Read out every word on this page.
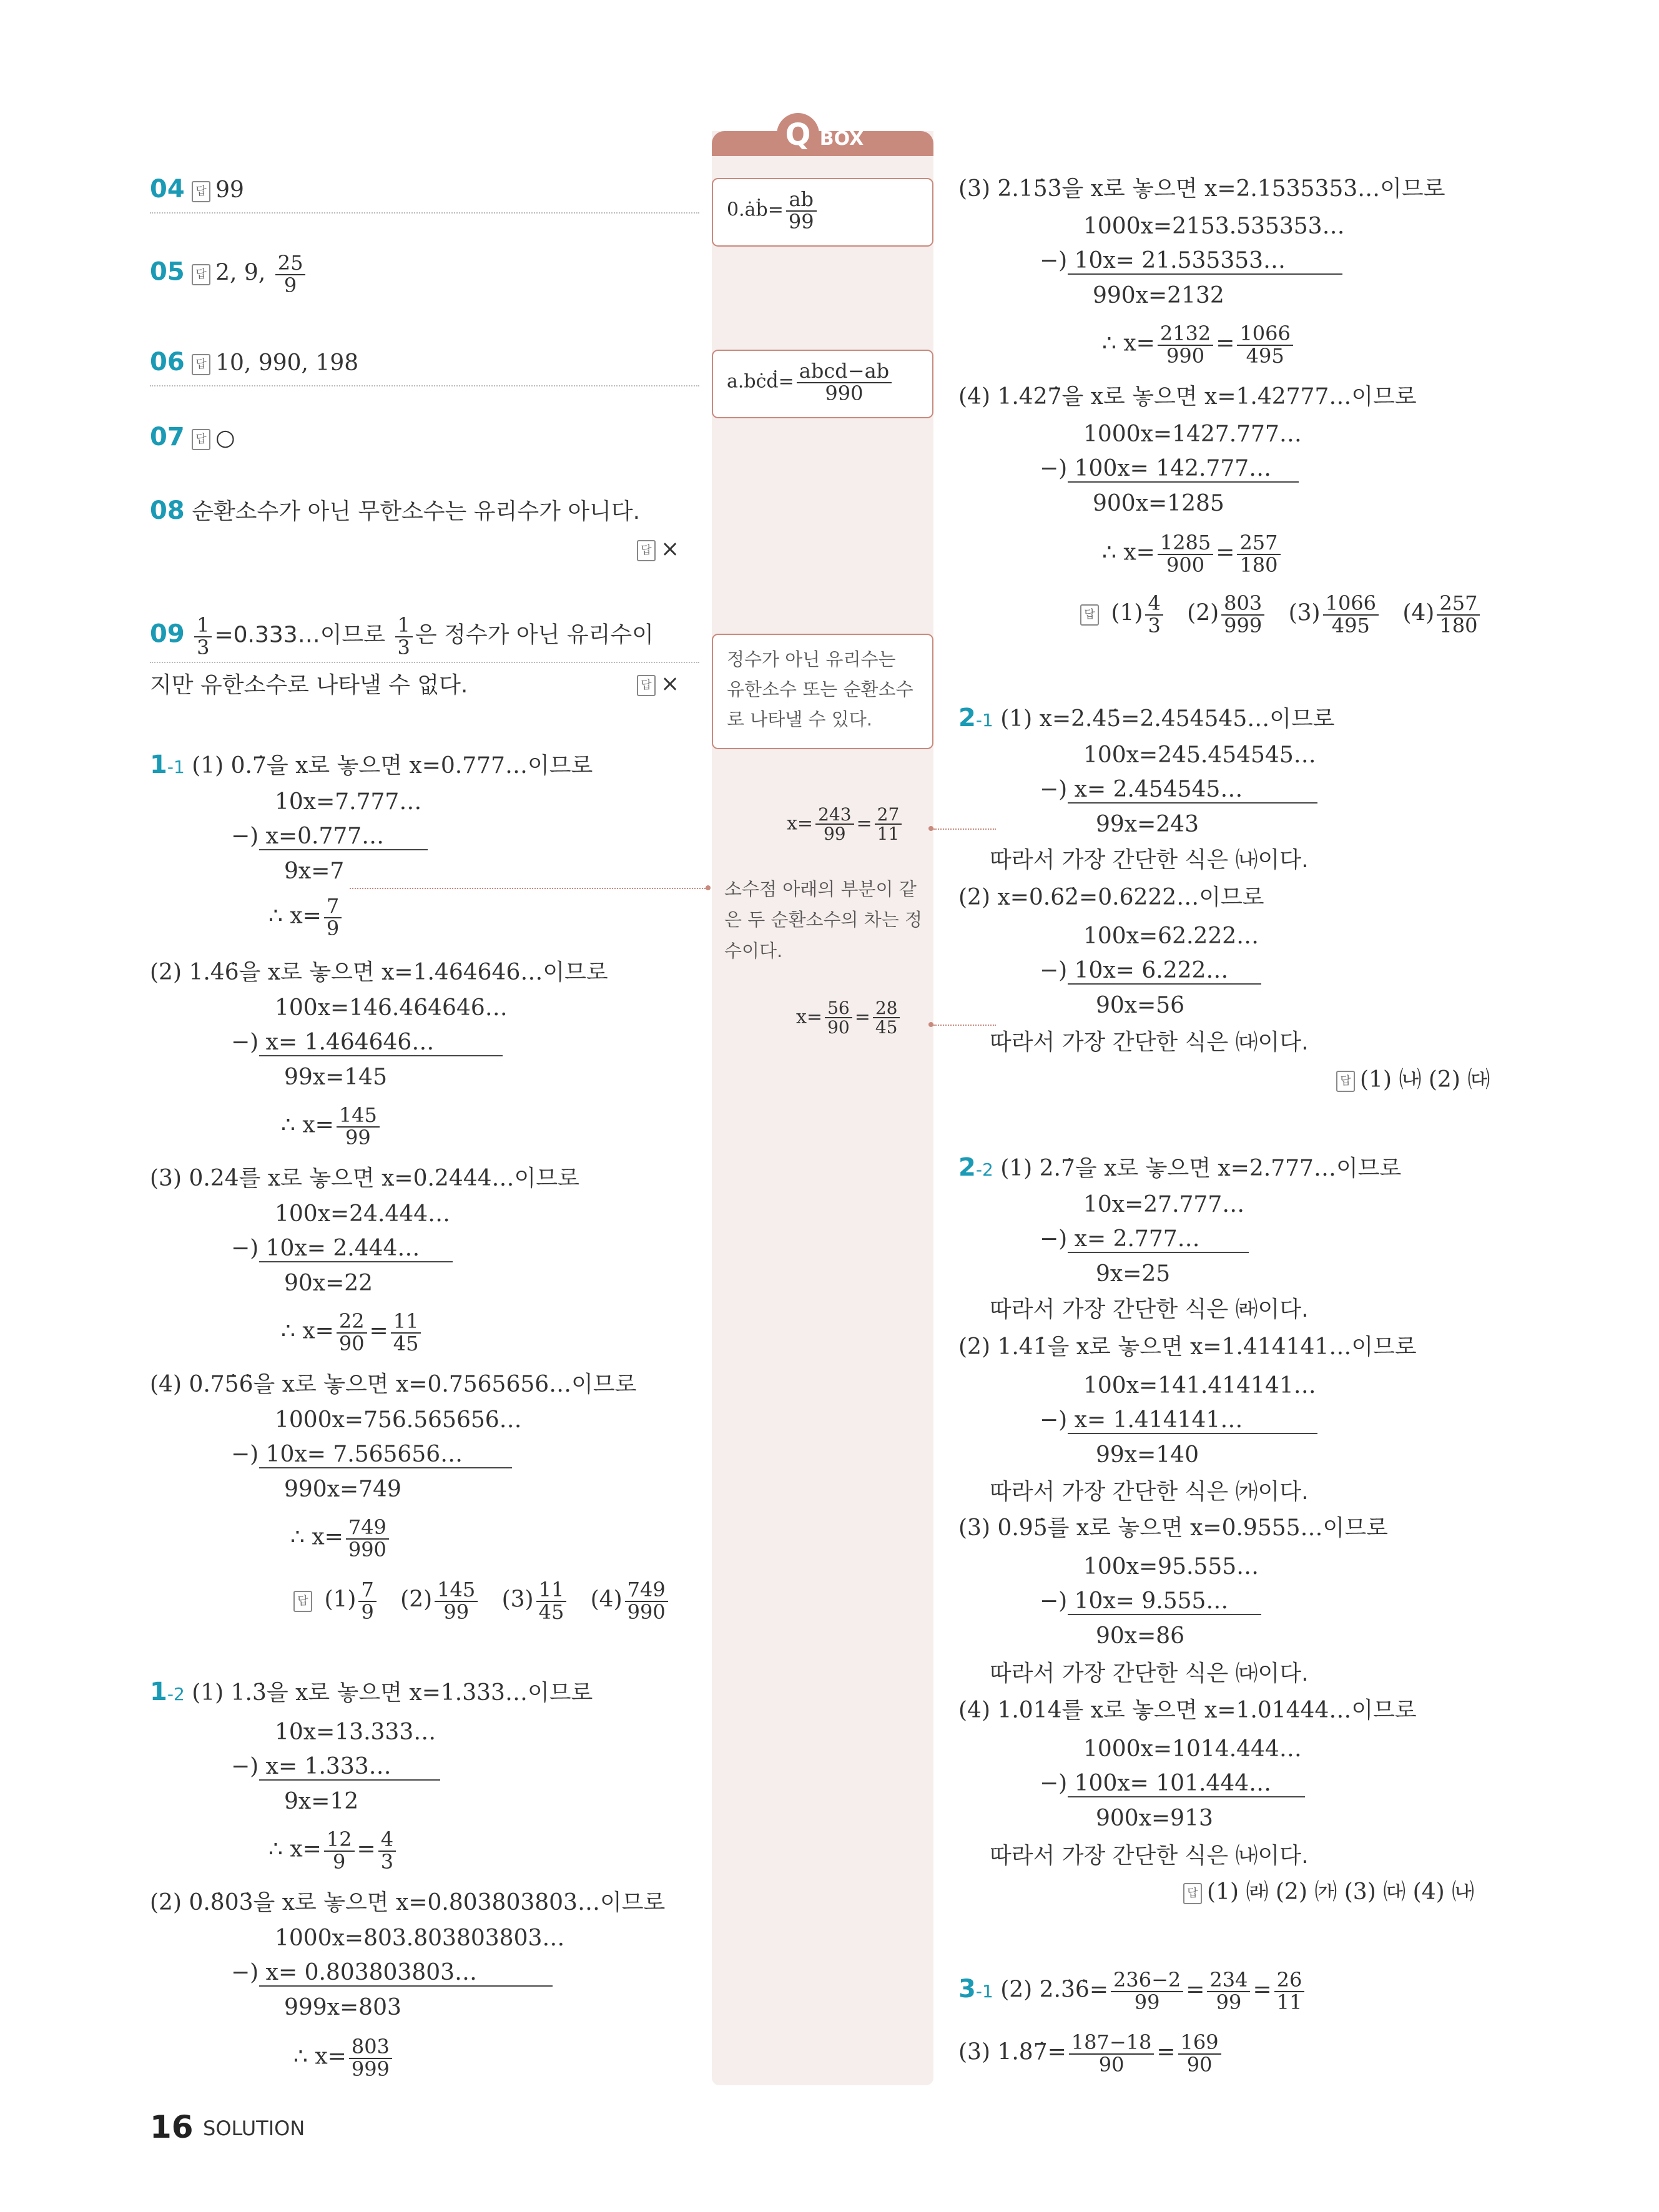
Q BOX
0.ȧḃ= $\frac{ab}{99}$
a.bċḋ= $\frac{\text{abcd−ab}}{990}$
정수가 아닌 유리수는 유한소수 또는 순환소수로 나타낼 수 있다.
$x= \frac{243}{99} = \frac{27}{11}$
소수점 아래의 부분이 같은 두 순환소수의 차는 정수이다.
$x= \frac{56}{90} = \frac{28}{45}$
04 답 99
05 답 2, 9, $\frac{25}{9}$
06 답 10, 990, 198
07 답 ○
08 순환소수가 아닌 무한소수는 유리수가 아니다.
답 ×
$09 \frac{1}{3}$ =0.333…이므로 $\frac{1}{3}$ 은 정수가 아닌 유리수이
지만 유한소수로 나타낼 수 없다.	답 ×
1-1 (1) 0.7̇을 x로 놓으면 x=0.777…이므로
10x=7.777…
−) x=0.777…
9x=7
∴ $x= \frac{7}{9}$
(2) 1.4̇6̇을 x로 놓으면 x=1.464646…이므로
100x=146.464646…
−) x= 1.464646…
99x=145
∴ $x= \frac{145}{99}$
(3) 0.24̇를 x로 놓으면 x=0.2444…이므로
100x=24.444…
−) 10x= 2.444…
90x=22
∴ $x= \frac{22}{90} = \frac{11}{45}$
(4) 0.75̇6̇을 x로 놓으면 x=0.7565656…이므로
1000x=756.565656…
−) 10x= 7.565656…
990x=749
∴ $x= \frac{749}{990}$
답 $(1) \frac{7}{9} (2) \frac{145}{99} (3) \frac{11}{45} (4) \frac{749}{990}$
1-2 (1) 1.3̇을 x로 놓으면 x=1.333…이므로
10x=13.333…
−) x= 1.333…
9x=12
∴ $x= \frac{12}{9} = \frac{4}{3}$
(2) 0.8̇03̇을 x로 놓으면 x=0.803803803…이므로
1000x=803.803803803…
−) x= 0.803803803…
999x=803
∴ $x= \frac{803}{999}$
(3) 2.15̇3̇을 x로 놓으면 x=2.1535353…이므로
1000x=2153.535353…
−) 10x= 21.535353…
990x=2132
∴ $x= \frac{2132}{990} = \frac{1066}{495}$
(4) 1.427̇을 x로 놓으면 x=1.42777…이므로
1000x=1427.777…
−) 100x= 142.777…
900x=1285
∴ $x= \frac{1285}{900} = \frac{257}{180}$
답 $(1) \frac{4}{3} (2) \frac{803}{999} (3) \frac{1066}{495} (4) \frac{257}{180}$
2-1 (1) x=2.4̇5̇=2.454545…이므로
100x=245.454545…
−) x= 2.454545…
99x=243
따라서 가장 간단한 식은 ㈏이다.
(2) x=0.62̇=0.6222…이므로
100x=62.222…
−) 10x= 6.222…
90x=56
따라서 가장 간단한 식은 ㈐이다.
답 (1) ㈏ (2) ㈐
2-2 (1) 2.7̇을 x로 놓으면 x=2.777…이므로
10x=27.777…
−) x= 2.777…
9x=25
따라서 가장 간단한 식은 ㈑이다.
(2) 1.4̇1̇을 x로 놓으면 x=1.414141…이므로
100x=141.414141…
−) x= 1.414141…
99x=140
따라서 가장 간단한 식은 ㈎이다.
(3) 0.95̇를 x로 놓으면 x=0.9555…이므로
100x=95.555…
−) 10x= 9.555…
90x=86
따라서 가장 간단한 식은 ㈐이다.
(4) 1.014̇를 x로 놓으면 x=1.01444…이므로
1000x=1014.444…
−) 100x= 101.444…
900x=913
따라서 가장 간단한 식은 ㈏이다.
답 (1) ㈑ (2) ㈎ (3) ㈐ (4) ㈏
3-1 (2) 2.3̇6̇= $\frac{236-2}{99} = \frac{234}{99} = \frac{26}{11}$
(3) 1.87̇= $\frac{187-18}{90} = \frac{169}{90}$
16 SOLUTION
